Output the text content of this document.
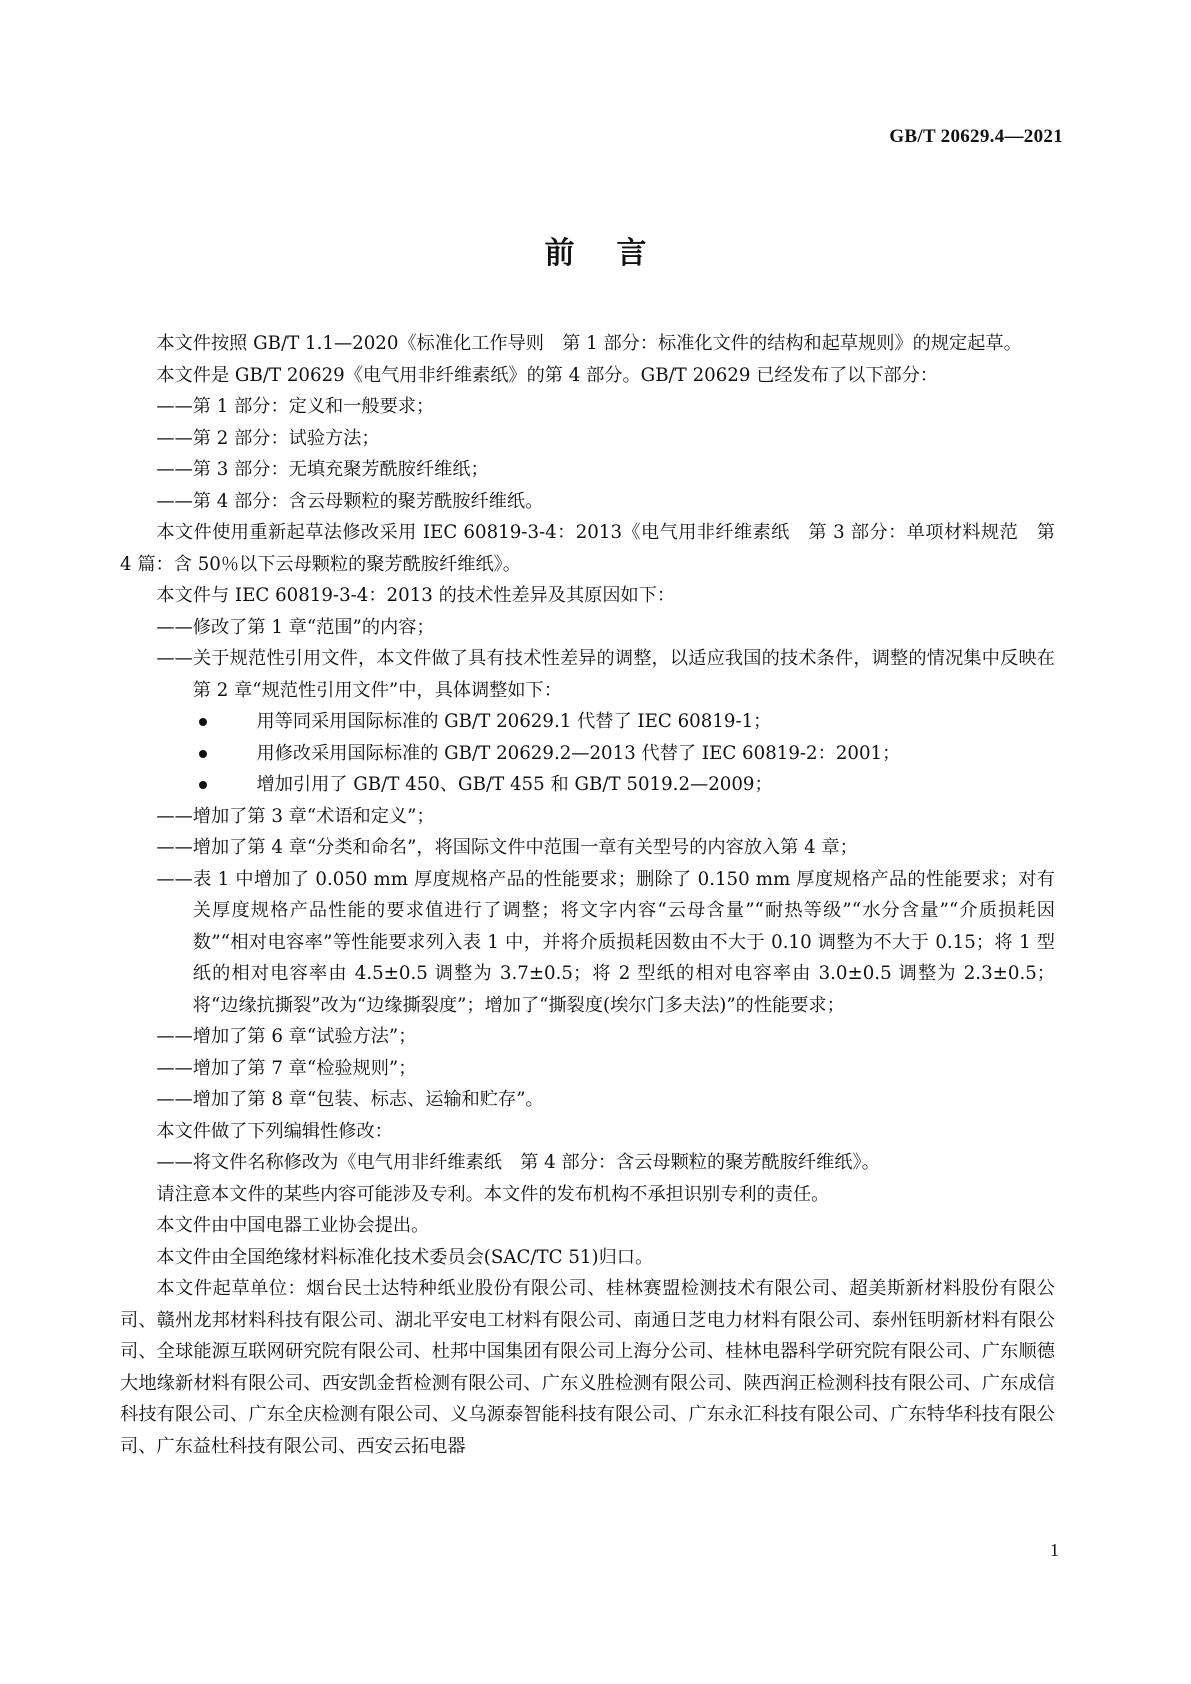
GB/T 20629.4—2021
前言

本文件按照 GB/T 1.1—2020《标准化工作导则　第 1 部分：标准化文件的结构和起草规则》的规定起草。

本文件是 GB/T 20629《电气用非纤维素纸》的第 4 部分。GB/T 20629 已经发布了以下部分：

——第 1 部分：定义和一般要求；

——第 2 部分：试验方法；

——第 3 部分：无填充聚芳酰胺纤维纸；

——第 4 部分：含云母颗粒的聚芳酰胺纤维纸。

本文件使用重新起草法修改采用 IEC 60819-3-4：2013《电气用非纤维素纸　第 3 部分：单项材料规范　第 4 篇：含 50％以下云母颗粒的聚芳酰胺纤维纸》。

本文件与 IEC 60819-3-4：2013 的技术性差异及其原因如下：

——修改了第 1 章“范围”的内容；

——关于规范性引用文件，本文件做了具有技术性差异的调整，以适应我国的技术条件，调整的情况集中反映在第 2 章“规范性引用文件”中，具体调整如下：

用等同采用国际标准的 GB/T 20629.1 代替了 IEC 60819-1；

用修改采用国际标准的 GB/T 20629.2—2013 代替了 IEC 60819-2：2001；

增加引用了 GB/T 450、GB/T 455 和 GB/T 5019.2—2009；

——增加了第 3 章“术语和定义”；

——增加了第 4 章“分类和命名”，将国际文件中范围一章有关型号的内容放入第 4 章；

——表 1 中增加了 0.050 mm 厚度规格产品的性能要求；删除了 0.150 mm 厚度规格产品的性能要求；对有关厚度规格产品性能的要求值进行了调整；将文字内容“云母含量”“耐热等级”“水分含量”“介质损耗因数”“相对电容率”等性能要求列入表 1 中，并将介质损耗因数由不大于 0.10 调整为不大于 0.15；将 1 型纸的相对电容率由 4.5±0.5 调整为 3.7±0.5；将 2 型纸的相对电容率由 3.0±0.5 调整为 2.3±0.5；将“边缘抗撕裂”改为“边缘撕裂度”；增加了“撕裂度(埃尔门多夫法)”的性能要求；

——增加了第 6 章“试验方法”；

——增加了第 7 章“检验规则”；

——增加了第 8 章“包装、标志、运输和贮存”。

本文件做了下列编辑性修改：

——将文件名称修改为《电气用非纤维素纸　第 4 部分：含云母颗粒的聚芳酰胺纤维纸》。

请注意本文件的某些内容可能涉及专利。本文件的发布机构不承担识别专利的责任。

本文件由中国电器工业协会提出。

本文件由全国绝缘材料标准化技术委员会(SAC/TC 51)归口。

本文件起草单位：烟台民士达特种纸业股份有限公司、桂林赛盟检测技术有限公司、超美斯新材料股份有限公司、赣州龙邦材料科技有限公司、湖北平安电工材料有限公司、南通日芝电力材料有限公司、泰州钰明新材料有限公司、全球能源互联网研究院有限公司、杜邦中国集团有限公司上海分公司、桂林电器科学研究院有限公司、广东顺德大地缘新材料有限公司、西安凯金哲检测有限公司、广东义胜检测有限公司、陕西润正检测科技有限公司、广东成信科技有限公司、广东全庆检测有限公司、义乌源泰智能科技有限公司、广东永汇科技有限公司、广东特华科技有限公司、广东益杜科技有限公司、西安云拓电器

1
